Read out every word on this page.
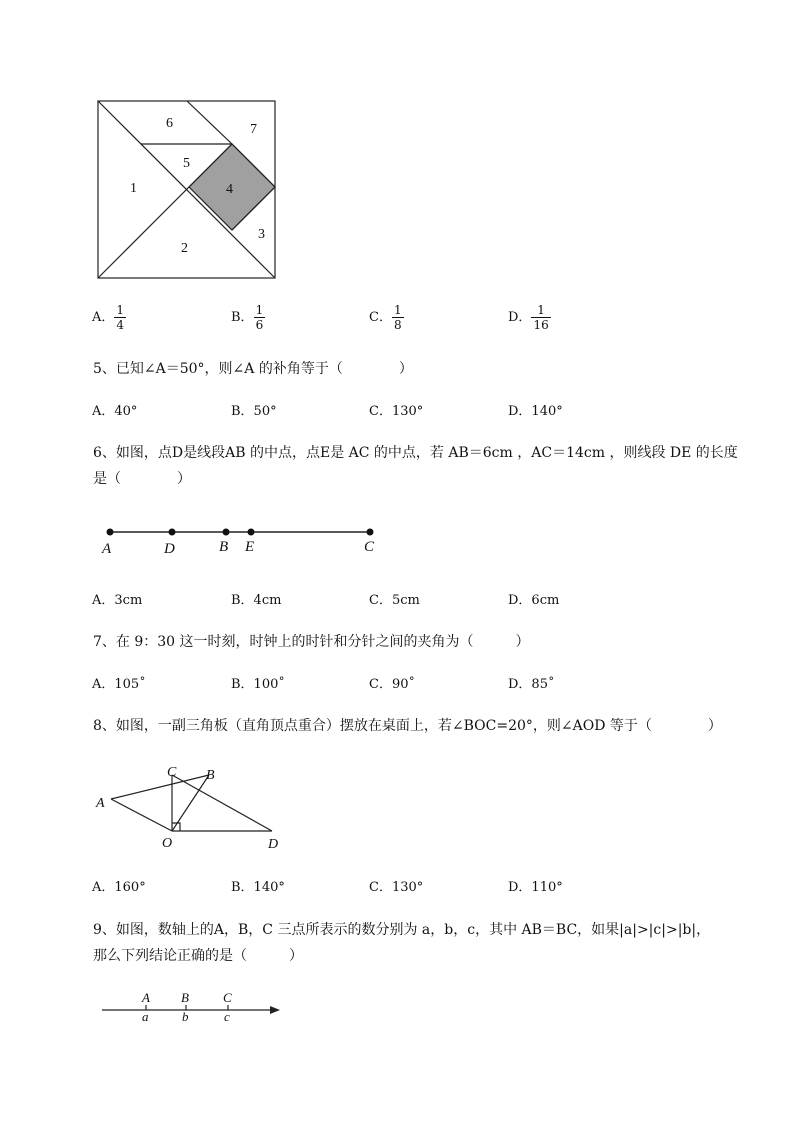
1
2
3
4
5
6	7
A． $\frac{1}{4}$	B． $\frac{1}{6}$	C． $\frac{1}{8}$	D． $\frac{1}{16}$
5、已知∠A＝50°，则∠A 的补角等于（　　　　）
A．40°	B．50°	C．130°	D．140°
6、如图，点D是线段AB 的中点，点E是 AC 的中点，若 AB＝6cm ，AC＝14cm ，则线段 DE 的长度
是（　　　　）
A	D	B E	C
A．3cm	B．4cm	C．5cm	D．6cm
7、在 9：30 这一时刻，时钟上的时针和分针之间的夹角为（　　　）
A．105˚	B．100˚	C．90˚	D．85˚
8、如图，一副三角板（直角顶点重合）摆放在桌面上，若∠BOC=20°，则∠AOD 等于（　　　　）
A
B
C
O	D
A．160°	B．140°	C．130°	D．110°
9、如图，数轴上的A，B，C 三点所表示的数分别为 a，b，c，其中 AB＝BC，如果|a|>|c|>|b|，
那么下列结论正确的是（　　　）
A B	C
a	b	c
